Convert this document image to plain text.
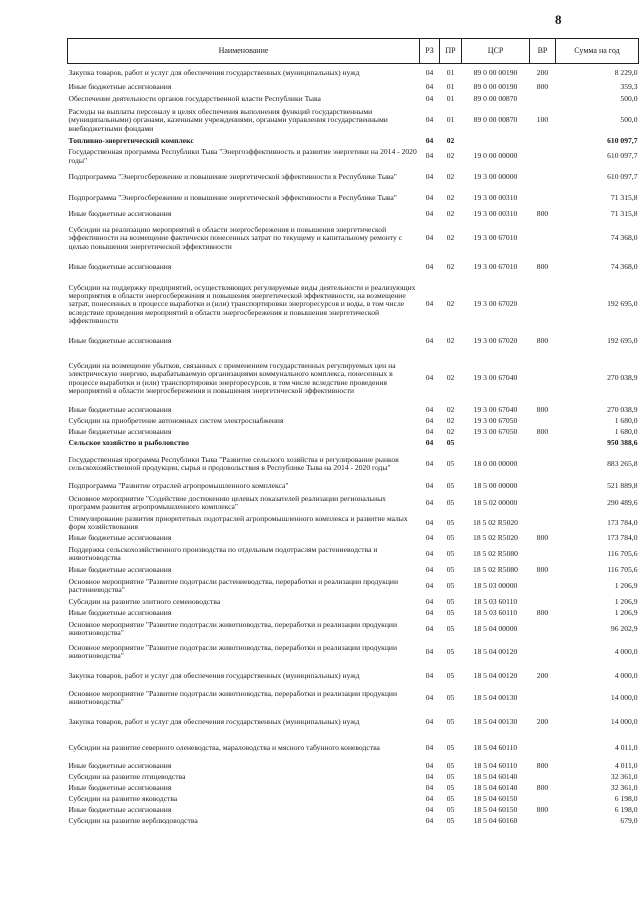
8
Наименование	РЗ	ПР	ЦСР	ВР	Сумма на год
Закупка товаров, работ и услуг для обеспечения государственных (муниципальных) нужд	04	01	89 0 00 00190	200	8 229,0
Иные бюджетные ассигнования	04	01	89 0 00 00190	800	359,3
Обеспечение деятельности органов государственной власти Республики Тыва	04	01	89 0 00 00870		500,0
Расходы на выплаты персоналу в целях обеспечения выполнения функций государственными (муниципальными) органами, казенными учреждениями, органами управления государственными внебюджетными фондами	04	01	89 0 00 00870	100	500,0
Топливно-энергетический комплекс	04	02			610 097,7
Государственная программа Республики Тыва "Энергоэффективность и развитие энергетики на 2014 - 2020 годы"	04	02	19 0 00 00000		610 097,7
Подпрограмма "Энергосбережение и повышение энергетической эффективности в Республике Тыва"	04	02	19 3 00 00000		610 097,7
Подпрограмма "Энергосбережение и повышение энергетической эффективности в Республике Тыва"	04	02	19 3 00 00310		71 315,8
Иные бюджетные ассигнования	04	02	19 3 00 00310	800	71 315,8
Субсидии на реализацию мероприятий в области энергосбережения и повышения энергетической эффективности на возмещение фактически понесенных затрат по текущему и капитальному ремонту с целью повышения энергетической эффективности	04	02	19 3 00 67010		74 368,0
Иные бюджетные ассигнования	04	02	19 3 00 67010	800	74 368,0
Субсидии на поддержку предприятий, осуществляющих регулируемые виды деятельности и реализующих мероприятия в области энергосбережения и повышения энергетической эффективности, на возмещение затрат, понесенных в процессе выработки и (или) транспортировки энергоресурсов и воды, в том числе вследствие проведения мероприятий в области энергосбережения и повышения энергетической эффективности	04	02	19 3 00 67020		192 695,0
Иные бюджетные ассигнования	04	02	19 3 00 67020	800	192 695,0
Субсидии на возмещение убытков, связанных с применением государственных регулируемых цен на электрическую энергию, вырабатываемую организациями коммунального комплекса, понесенных в процессе выработки и (или) транспортировки энергоресурсов, в том числе вследствие проведения мероприятий в области энергосбережения и повышения энергетической эффективности	04	02	19 3 00 67040		270 038,9
Иные бюджетные ассигнования	04	02	19 3 00 67040	800	270 038,9
Субсидии на приобретение автономных систем электроснабжения	04	02	19 3 00 67050		1 680,0
Иные бюджетные ассигнования	04	02	19 3 00 67050	800	1 680,0
Сельское хозяйство и рыболовство	04	05			950 388,6
Государственная программа Республики Тыва "Развитие сельского хозяйства и регулирование рынков сельскохозяйственной продукции, сырья и продовольствия в Республике Тыва на 2014 - 2020 годы"	04	05	18 0 00 00000		883 265,8
Подпрограмма "Развитие отраслей агропромышленного комплекса"	04	05	18 5 00 00000		521 889,8
Основное мероприятие "Содействие достижению целевых показателей реализации региональных программ развития агропромышленного комплекса"	04	05	18 5 02 00000		290 489,6
Стимулирование развития приоритетных подотраслей агропромышленного комплекса и развитие малых форм хозяйствования	04	05	18 5 02 R5020		173 784,0
Иные бюджетные ассигнования	04	05	18 5 02 R5020	800	173 784,0
Поддержка сельскохозяйственного производства по отдельным подотраслям растениеводства и животноводства	04	05	18 5 02 R5080		116 705,6
Иные бюджетные ассигнования	04	05	18 5 02 R5080	800	116 705,6
Основное мероприятие "Развитие подотрасли растениеводства, переработки и реализации продукции растениеводства"	04	05	18 5 03 00000		1 206,9
Субсидии на развитие элитного семеноводства	04	05	18 5 03 60110		1 206,9
Иные бюджетные ассигнования	04	05	18 5 03 60110	800	1 206,9
Основное мероприятие "Развитие подотрасли животноводства, переработки и реализации продукции животноводства"	04	05	18 5 04 00000		96 202,9
Основное мероприятие "Развитие подотрасли животноводства, переработки и реализации продукции животноводства"	04	05	18 5 04 00120		4 000,0
Закупка товаров, работ и услуг для обеспечения государственных (муниципальных) нужд	04	05	18 5 04 00120	200	4 000,0
Основное мероприятие "Развитие подотрасли животноводства, переработки и реализации продукции животноводства"	04	05	18 5 04 00130		14 000,0
Закупка товаров, работ и услуг для обеспечения государственных (муниципальных) нужд	04	05	18 5 04 00130	200	14 000,0
Субсидии на развитие северного оленеводства, мараловодства и мясного табунного коневодства	04	05	18 5 04 60110		4 011,0
Иные бюджетные ассигнования	04	05	18 5 04 60110	800	4 011,0
Субсидии на развитие птицеводства	04	05	18 5 04 60140		32 361,0
Иные бюджетные ассигнования	04	05	18 5 04 60140	800	32 361,0
Субсидии на развитие яководства	04	05	18 5 04 60150		6 198,0
Иные бюджетные ассигнования	04	05	18 5 04 60150	800	6 198,0
Субсидии на развитие верблюдоводства	04	05	18 5 04 60160		679,0
